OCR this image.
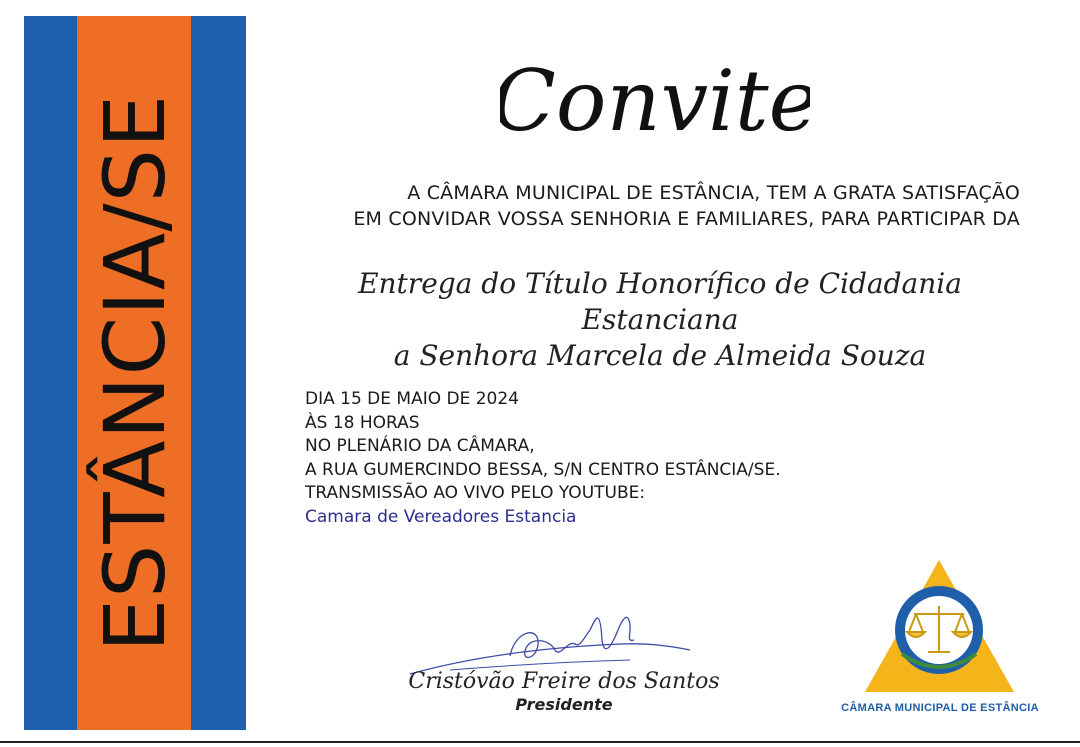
ESTÂNCIA/SE	Convite
A CÂMARA MUNICIPAL DE ESTÂNCIA, TEM A GRATA SATISFAÇÃO
EM CONVIDAR VOSSA SENHORIA E FAMILIARES, PARA PARTICIPAR DA
Entrega do Título Honorífico de Cidadania Estanciana
a Senhora Marcela de Almeida Souza
DIA 15 DE MAIO DE 2024
ÀS 18 HORAS
NO PLENÁRIO DA CÂMARA,
A RUA GUMERCINDO BESSA, S/N CENTRO ESTÂNCIA/SE.
TRANSMISSÃO AO VIVO PELO YOUTUBE:
Camara de Vereadores Estancia
Cristóvão Freire dos Santos
Presidente	CÂMARA MUNICIPAL DE ESTÂNCIA
